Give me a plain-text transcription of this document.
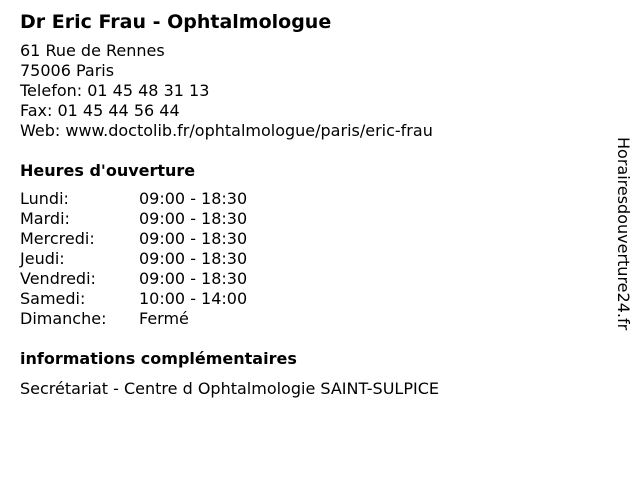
Dr Eric Frau - Ophtalmologue
61 Rue de Rennes
75006 Paris
Telefon: 01 45 48 31 13
Fax: 01 45 44 56 44
Web: www.doctolib.fr/ophtalmologue/paris/eric-frau
Heures d'ouverture
Lundi:	09:00 - 18:30
Mardi:	09:00 - 18:30
Mercredi:	09:00 - 18:30
Jeudi:	09:00 - 18:30
Vendredi:	09:00 - 18:30
Samedi:	10:00 - 14:00
Dimanche: Fermé
informations complémentaires
Secrétariat - Centre d Ophtalmologie SAINT-SULPICE
Horairesdouverture24.fr
